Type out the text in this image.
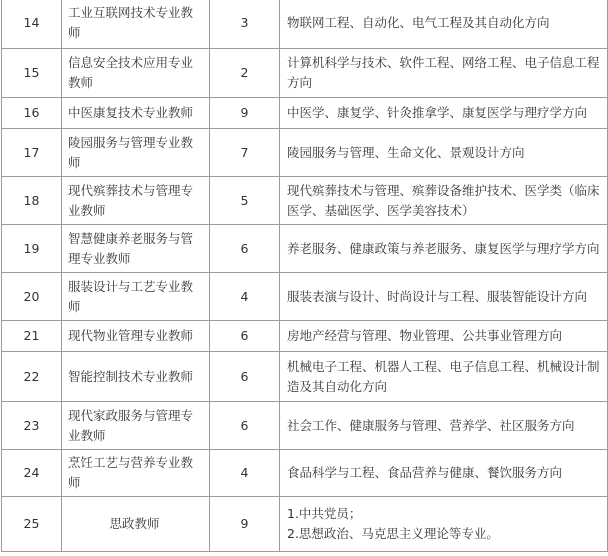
14	工业互联网技术专业教师	3	物联网工程、自动化、电气工程及其自动化方向
15	信息安全技术应用专业教师	2	计算机科学与技术、软件工程、网络工程、电子信息工程方向
16	中医康复技术专业教师	9	中医学、康复学、针灸推拿学、康复医学与理疗学方向
17	陵园服务与管理专业教师	7	陵园服务与管理、生命文化、景观设计方向
18	现代殡葬技术与管理专业教师	5	现代殡葬技术与管理、殡葬设备维护技术、医学类（临床医学、基础医学、医学美容技术）
19	智慧健康养老服务与管理专业教师	6	养老服务、健康政策与养老服务、康复医学与理疗学方向
20	服装设计与工艺专业教师	4	服装表演与设计、时尚设计与工程、服装智能设计方向
21	现代物业管理专业教师	6	房地产经营与管理、物业管理、公共事业管理方向
22	智能控制技术专业教师	6	机械电子工程、机器人工程、电子信息工程、机械设计制造及其自动化方向
23	现代家政服务与管理专业教师	6	社会工作、健康服务与管理、营养学、社区服务方向
24	烹饪工艺与营养专业教师	4	食品科学与工程、食品营养与健康、餐饮服务方向
25	思政教师	9	1.中共党员；
2.思想政治、马克思主义理论等专业。
